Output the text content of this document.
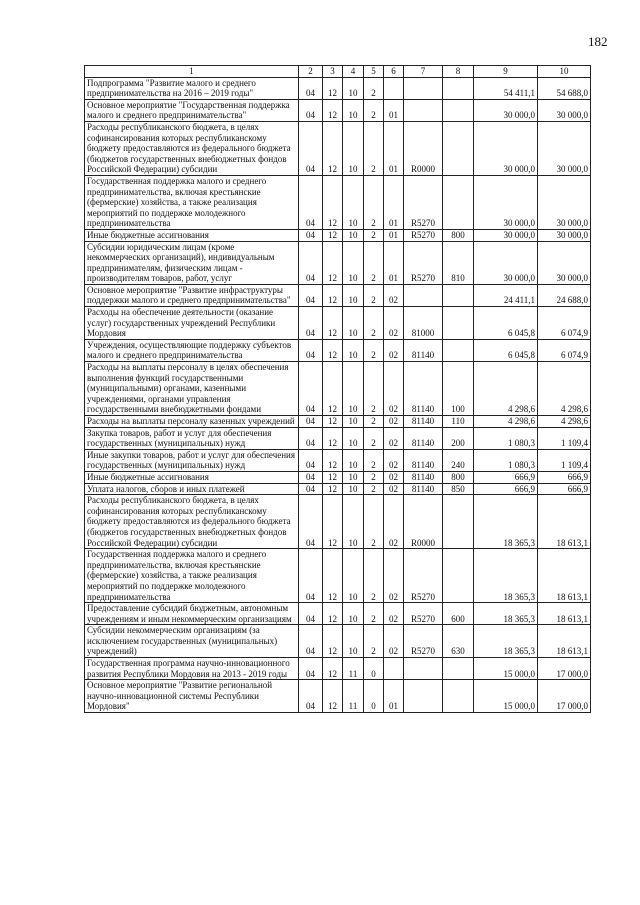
182
1	2	3	4	5	6	7	8	9	10
Подпрограмма "Развитие малого и среднего предпринимательства на 2016 – 2019 годы"	04	12	10	2				54 411,1	54 688,0
Основное мероприятие "Государственная поддержка малого и среднего предпринимательства"	04	12	10	2	01			30 000,0	30 000,0
Расходы республиканского бюджета, в целях софинансирования которых республиканскому бюджету предоставляются из федерального бюджета (бюджетов государственных внебюджетных фондов Российской Федерации) субсидии	04	12	10	2	01	R0000		30 000,0	30 000,0
Государственная поддержка малого и среднего предпринимательства, включая крестьянские (фермерские) хозяйства, а также реализация мероприятий по поддержке молодежного предпринимательства	04	12	10	2	01	R5270		30 000,0	30 000,0
Иные бюджетные ассигнования	04	12	10	2	01	R5270	800	30 000,0	30 000,0
Субсидии юридическим лицам (кроме некоммерческих организаций), индивидуальным предпринимателям, физическим лицам - производителям товаров, работ, услуг	04	12	10	2	01	R5270	810	30 000,0	30 000,0
Основное мероприятие "Развитие инфраструктуры поддержки малого и среднего предпринимательства"	04	12	10	2	02			24 411,1	24 688,0
Расходы на обеспечение деятельности (оказание услуг) государственных учреждений Республики Мордовия	04	12	10	2	02	81000		6 045,8	6 074,9
Учреждения, осуществляющие поддержку субъектов малого и среднего предпринимательства	04	12	10	2	02	81140		6 045,8	6 074,9
Расходы на выплаты персоналу в целях обеспечения выполнения функций государственными (муниципальными) органами, казенными учреждениями, органами управления государственными внебюджетными фондами	04	12	10	2	02	81140	100	4 298,6	4 298,6
Расходы на выплаты персоналу казенных учреждений	04	12	10	2	02	81140	110	4 298,6	4 298,6
Закупка товаров, работ и услуг для обеспечения государственных (муниципальных) нужд	04	12	10	2	02	81140	200	1 080,3	1 109,4
Иные закупки товаров, работ и услуг для обеспечения государственных (муниципальных) нужд	04	12	10	2	02	81140	240	1 080,3	1 109,4
Иные бюджетные ассигнования	04	12	10	2	02	81140	800	666,9	666,9
Уплата налогов, сборов и иных платежей	04	12	10	2	02	81140	850	666,9	666,9
Расходы республиканского бюджета, в целях софинансирования которых республиканскому бюджету предоставляются из федерального бюджета (бюджетов государственных внебюджетных фондов Российской Федерации) субсидии	04	12	10	2	02	R0000		18 365,3	18 613,1
Государственная поддержка малого и среднего предпринимательства, включая крестьянские (фермерские) хозяйства, а также реализация мероприятий по поддержке молодежного предпринимательства	04	12	10	2	02	R5270		18 365,3	18 613,1
Предоставление субсидий бюджетным, автономным учреждениям и иным некоммерческим организациям	04	12	10	2	02	R5270	600	18 365,3	18 613,1
Субсидии некоммерческим организациям (за исключением государственных (муниципальных) учреждений)	04	12	10	2	02	R5270	630	18 365,3	18 613,1
Государственная программа научно-инновационного развития Республики Мордовия на 2013 - 2019 годы	04	12	11	0				15 000,0	17 000,0
Основное мероприятие "Развитие региональной научно-инновационной системы Республики Мордовия"	04	12	11	0	01			15 000,0	17 000,0
